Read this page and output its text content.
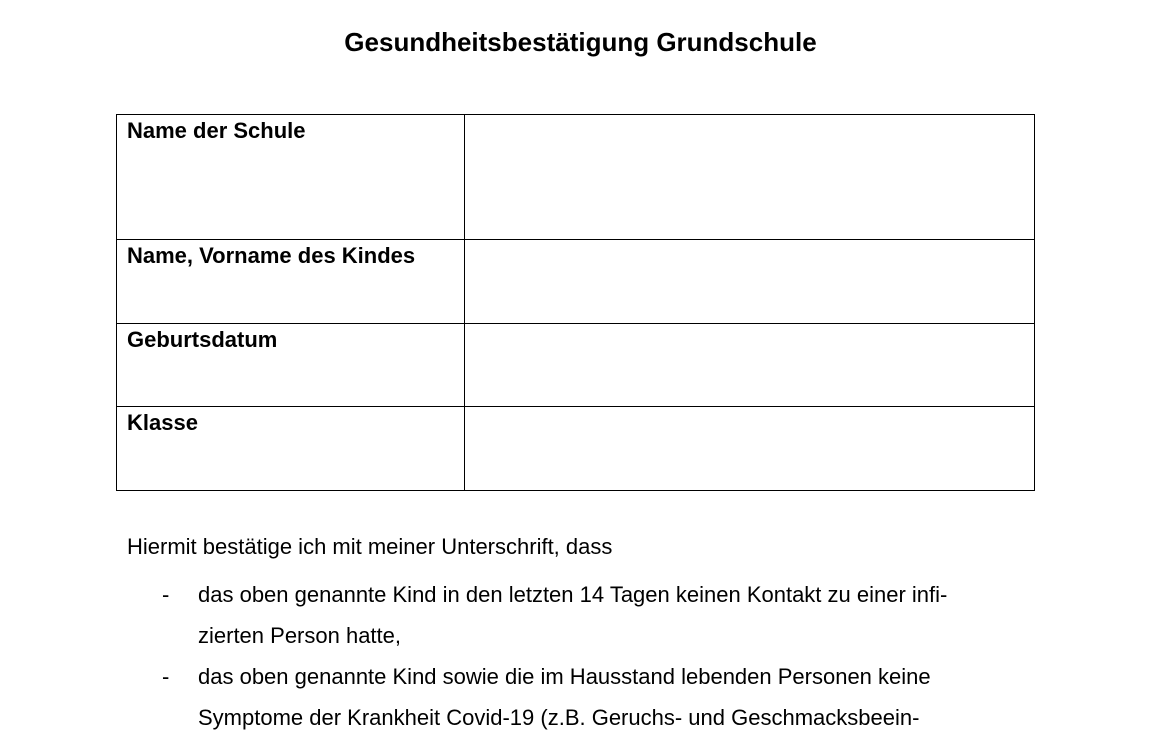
Gesundheitsbestätigung Grundschule
Name der Schule	
Name, Vorname des Kindes	
Geburtsdatum	
Klasse	
Hiermit bestätige ich mit meiner Unterschrift, dass
- das oben genannte Kind in den letzten 14 Tagen keinen Kontakt zu einer infi-
zierten Person hatte,
- das oben genannte Kind sowie die im Hausstand lebenden Personen keine
Symptome der Krankheit Covid-19 (z.B. Geruchs- und Geschmacksbeein-
